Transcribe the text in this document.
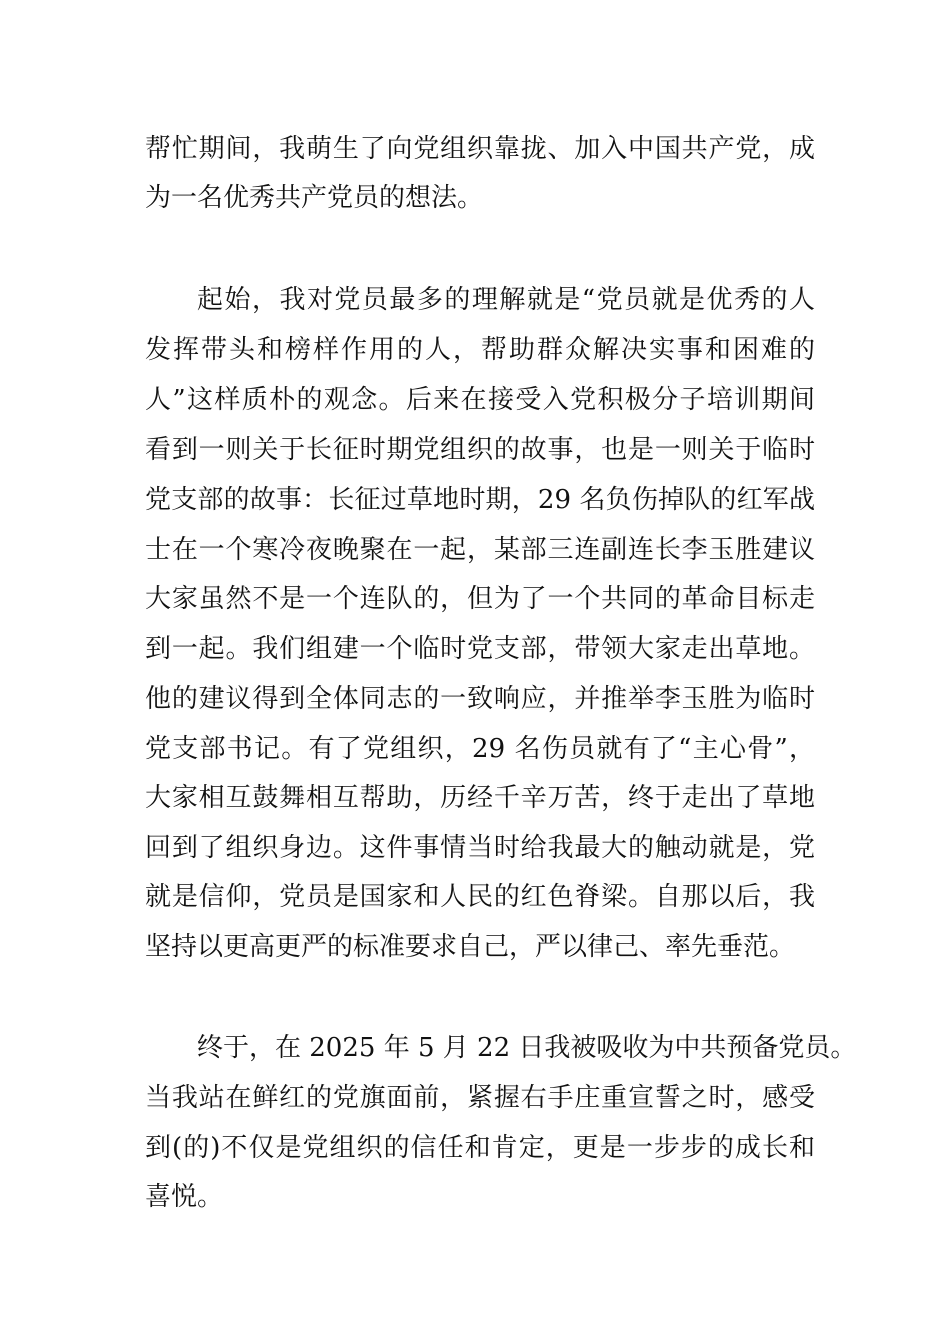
帮忙期间，我萌生了向党组织靠拢、加入中国共产党，成
为一名优秀共产党员的想法。
起始，我对党员最多的理解就是“党员就是优秀的人
发挥带头和榜样作用的人，帮助群众解决实事和困难的
人”这样质朴的观念。后来在接受入党积极分子培训期间
看到一则关于长征时期党组织的故事，也是一则关于临时
党支部的故事：长征过草地时期，29 名负伤掉队的红军战
士在一个寒冷夜晚聚在一起，某部三连副连长李玉胜建议
大家虽然不是一个连队的，但为了一个共同的革命目标走
到一起。我们组建一个临时党支部，带领大家走出草地。
他的建议得到全体同志的一致响应，并推举李玉胜为临时
党支部书记。有了党组织，29 名伤员就有了“主心骨”，
大家相互鼓舞相互帮助，历经千辛万苦，终于走出了草地
回到了组织身边。这件事情当时给我最大的触动就是，党
就是信仰，党员是国家和人民的红色脊梁。自那以后，我
坚持以更高更严的标准要求自己，严以律己、率先垂范。
终于，在 2025 年 5 月 22 日我被吸收为中共预备党员。
当我站在鲜红的党旗面前，紧握右手庄重宣誓之时，感受
到(的)不仅是党组织的信任和肯定，更是一步步的成长和
喜悦。
